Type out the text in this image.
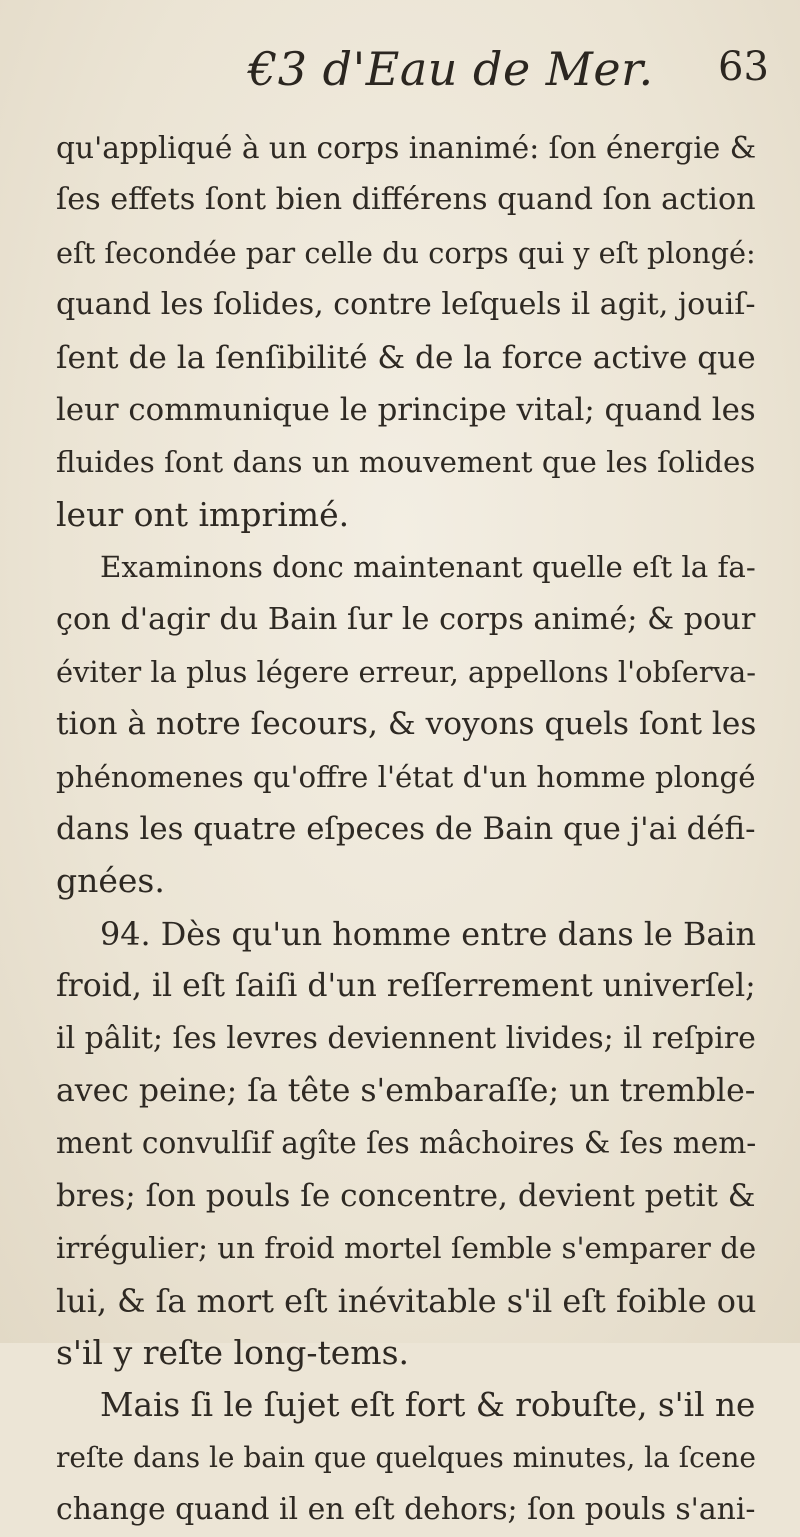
€3 d'Eau de Mer. 63
qu'appliqué à un corps inanimé: ſon énergie &
ſes effets ſont bien différens quand ſon action
eſt ſecondée par celle du corps qui y eſt plongé:
quand les ſolides, contre leſquels il agit, jouiſ-
ſent de la ſenſibilité & de la force active que
leur communique le principe vital; quand les
fluides ſont dans un mouvement que les ſolides
leur ont imprimé.
Examinons donc maintenant quelle eſt la fa-
çon d'agir du Bain ſur le corps animé; & pour
éviter la plus légere erreur, appellons l'obſerva-
tion à notre ſecours, & voyons quels ſont les
phénomenes qu'offre l'état d'un homme plongé
dans les quatre eſpeces de Bain que j'ai défi-
gnées.
94. Dès qu'un homme entre dans le Bain
froid, il eſt ſaiſi d'un reſſerrement univerſel;
il pâlit; ſes levres deviennent livides; il reſpire
avec peine; ſa tête s'embaraſſe; un tremble-
ment convulſif agîte ſes mâchoires & ſes mem-
bres; ſon pouls ſe concentre, devient petit &
irrégulier; un froid mortel ſemble s'emparer de
lui, & ſa mort eſt inévitable s'il eſt foible ou
s'il y reſte long-tems.
Mais ſi le ſujet eſt fort & robuſte, s'il ne
reſte dans le bain que quelques minutes, la ſcene
change quand il en eſt dehors; ſon pouls s'ani-
